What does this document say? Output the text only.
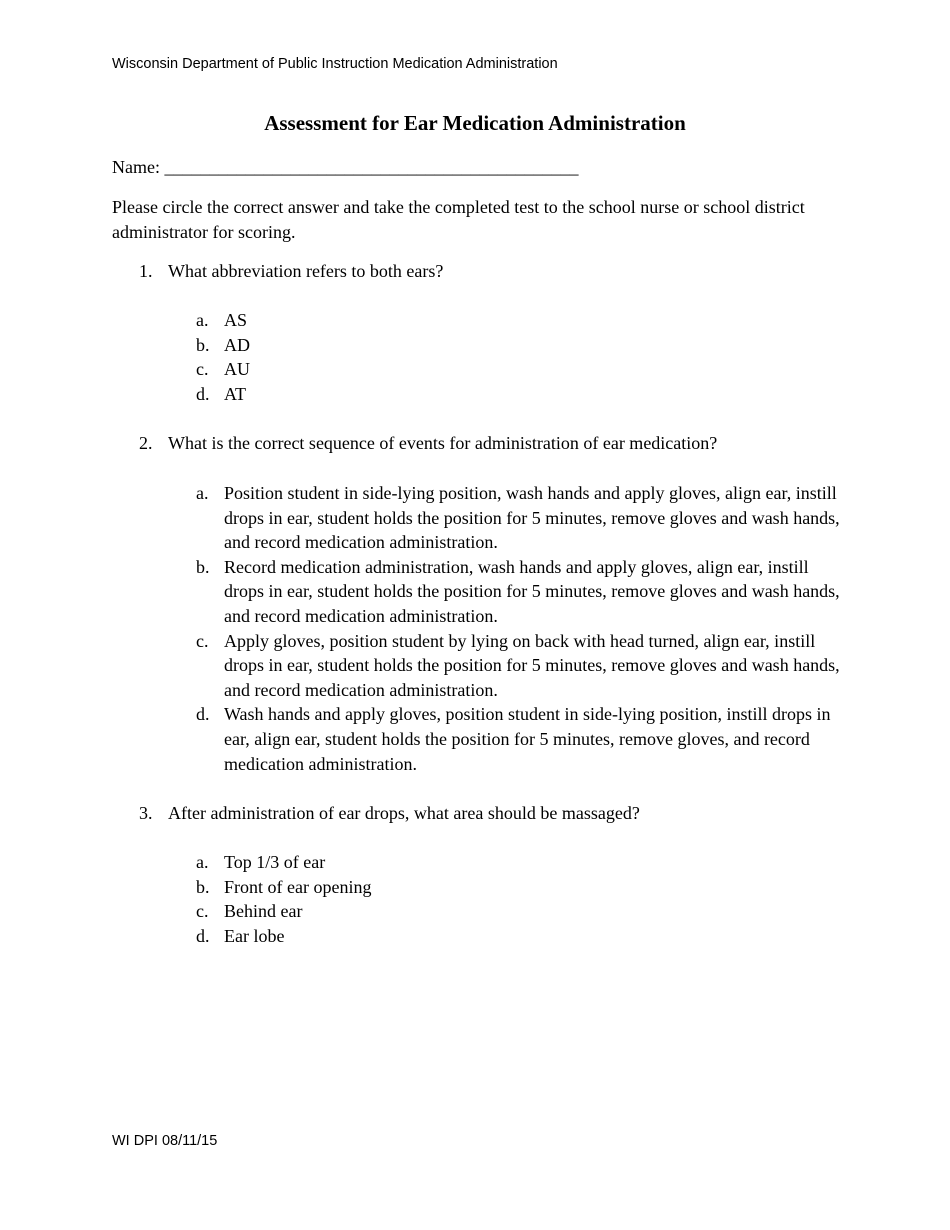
Wisconsin Department of Public Instruction Medication Administration
Assessment for Ear Medication Administration
Name: ______________________________________________
Please circle the correct answer and take the completed test to the school nurse or school district administrator for scoring.
1. What abbreviation refers to both ears?
a. AS
b. AD
c. AU
d. AT
2. What is the correct sequence of events for administration of ear medication?
a. Position student in side-lying position, wash hands and apply gloves, align ear, instill drops in ear, student holds the position for 5 minutes, remove gloves and wash hands, and record medication administration.
b. Record medication administration, wash hands and apply gloves, align ear, instill drops in ear, student holds the position for 5 minutes, remove gloves and wash hands, and record medication administration.
c. Apply gloves, position student by lying on back with head turned, align ear, instill drops in ear, student holds the position for 5 minutes, remove gloves and wash hands, and record medication administration.
d. Wash hands and apply gloves, position student in side-lying position, instill drops in ear, align ear, student holds the position for 5 minutes, remove gloves, and record medication administration.
3. After administration of ear drops, what area should be massaged?
a. Top 1/3 of ear
b. Front of ear opening
c. Behind ear
d. Ear lobe
WI DPI 08/11/15
